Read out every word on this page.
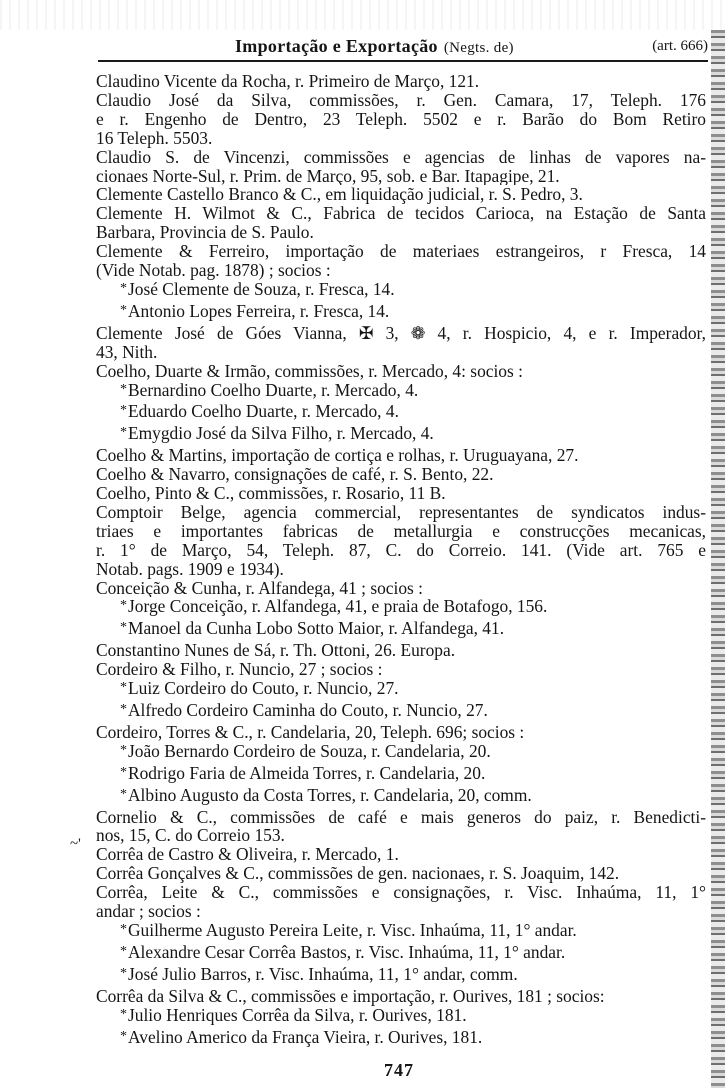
Importação e Exportação (Negts. de)	(art. 666)
~'
Claudino Vicente da Rocha, r. Primeiro de Março, 121.
Claudio José da Silva, commissões, r. Gen. Camara, 17, Teleph. 176
e r. Engenho de Dentro, 23 Teleph. 5502 e r. Barão do Bom Retiro
16 Teleph. 5503.
Claudio S. de Vincenzi, commissões e agencias de linhas de vapores na-
cionaes Norte-Sul, r. Prim. de Março, 95, sob. e Bar. Itapagipe, 21.
Clemente Castello Branco & C., em liquidação judicial, r. S. Pedro, 3.
Clemente H. Wilmot & C., Fabrica de tecidos Carioca, na Estação de Santa
Barbara, Provincia de S. Paulo.
Clemente & Ferreiro, importação de materiaes estrangeiros, r Fresca, 14
(Vide Notab. pag. 1878) ; socios :
*José Clemente de Souza, r. Fresca, 14.
*Antonio Lopes Ferreira, r. Fresca, 14.
Clemente José de Góes Vianna, ✠ 3, ❁ 4, r. Hospicio, 4, e r. Imperador,
43, Nith.
Coelho, Duarte & Irmão, commissões, r. Mercado, 4: socios :
*Bernardino Coelho Duarte, r. Mercado, 4.
*Eduardo Coelho Duarte, r. Mercado, 4.
*Emygdio José da Silva Filho, r. Mercado, 4.
Coelho & Martins, importação de cortiça e rolhas, r. Uruguayana, 27.
Coelho & Navarro, consignações de café, r. S. Bento, 22.
Coelho, Pinto & C., commissões, r. Rosario, 11 B.
Comptoir Belge, agencia commercial, representantes de syndicatos indus-
triaes e importantes fabricas de metallurgia e construcções mecanicas,
r. 1° de Março, 54, Teleph. 87, C. do Correio. 141. (Vide art. 765 e
Notab. pags. 1909 e 1934).
Conceição & Cunha, r. Alfandega, 41 ; socios :
*Jorge Conceição, r. Alfandega, 41, e praia de Botafogo, 156.
*Manoel da Cunha Lobo Sotto Maior, r. Alfandega, 41.
Constantino Nunes de Sá, r. Th. Ottoni, 26. Europa.
Cordeiro & Filho, r. Nuncio, 27 ; socios :
*Luiz Cordeiro do Couto, r. Nuncio, 27.
*Alfredo Cordeiro Caminha do Couto, r. Nuncio, 27.
Cordeiro, Torres & C., r. Candelaria, 20, Teleph. 696; socios :
*João Bernardo Cordeiro de Souza, r. Candelaria, 20.
*Rodrigo Faria de Almeida Torres, r. Candelaria, 20.
*Albino Augusto da Costa Torres, r. Candelaria, 20, comm.
Cornelio & C., commissões de café e mais generos do paiz, r. Benedicti-
nos, 15, C. do Correio 153.
Corrêa de Castro & Oliveira, r. Mercado, 1.
Corrêa Gonçalves & C., commissões de gen. nacionaes, r. S. Joaquim, 142.
Corrêa, Leite & C., commissões e consignações, r. Visc. Inhaúma, 11, 1°
andar ; socios :
*Guilherme Augusto Pereira Leite, r. Visc. Inhaúma, 11, 1° andar.
*Alexandre Cesar Corrêa Bastos, r. Visc. Inhaúma, 11, 1° andar.
*José Julio Barros, r. Visc. Inhaúma, 11, 1° andar, comm.
Corrêa da Silva & C., commissões e importação, r. Ourives, 181 ; socios:
*Julio Henriques Corrêa da Silva, r. Ourives, 181.
*Avelino Americo da França Vieira, r. Ourives, 181.
747
